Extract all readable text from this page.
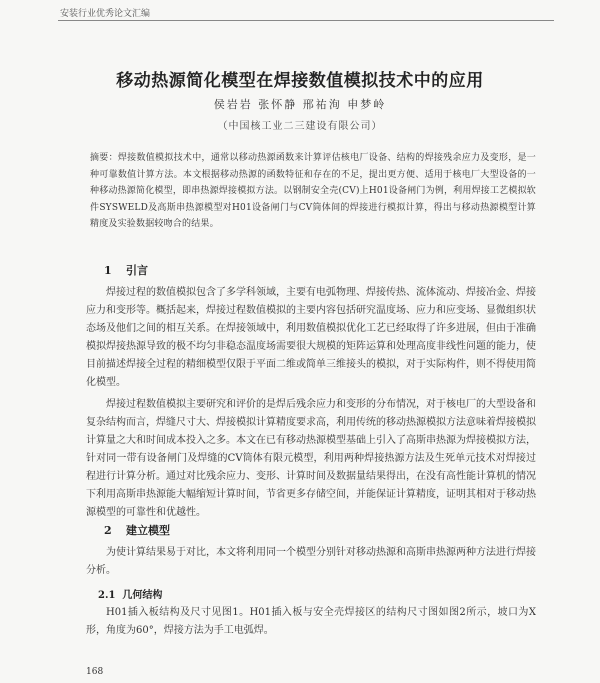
安装行业优秀论文汇编
移动热源简化模型在焊接数值模拟技术中的应用
侯岩岩 张怀静 邢祐洵 申梦岭
（中国核工业二三建设有限公司）
摘要：焊接数值模拟技术中，通常以移动热源函数来计算评估核电厂设备、结构的焊接残余应力及变形，是一种可靠数值计算方法。本文根据移动热源的函数特征和存在的不足，提出更方便、适用于核电厂大型设备的一种移动热源简化模型，即串热源焊接模拟方法。以钢制安全壳(CV)上H01设备闸门为例，利用焊接工艺模拟软件SYSWELD及高斯串热源模型对H01设备闸门与CV筒体间的焊接进行模拟计算，得出与移动热源模型计算精度及实验数据较吻合的结果。
1 引言
焊接过程的数值模拟包含了多学科领域，主要有电弧物理、焊接传热、流体流动、焊接冶金、焊接应力和变形等。概括起来，焊接过程数值模拟的主要内容包括研究温度场、应力和应变场、显微组织状态场及他们之间的相互关系。在焊接领域中，利用数值模拟优化工艺已经取得了许多进展，但由于准确模拟焊接热源导致的极不均匀非稳态温度场需要很大规模的矩阵运算和处理高度非线性问题的能力，使目前描述焊接全过程的精细模型仅限于平面二维或简单三维接头的模拟，对于实际构件，则不得使用简化模型。
焊接过程数值模拟主要研究和评价的是焊后残余应力和变形的分布情况，对于核电厂的大型设备和复杂结构而言，焊缝尺寸大、焊接模拟计算精度要求高，利用传统的移动热源模拟方法意味着焊接模拟计算量之大和时间成本投入之多。本文在已有移动热源模型基础上引入了高斯串热源为焊接模拟方法，针对同一带有设备闸门及焊缝的CV筒体有限元模型，利用两种焊接热源方法及生死单元技术对焊接过程进行计算分析。通过对比残余应力、变形、计算时间及数据量结果得出，在没有高性能计算机的情况下利用高斯串热源能大幅缩短计算时间，节省更多存储空间，并能保证计算精度，证明其相对于移动热源模型的可靠性和优越性。
2 建立模型
为使计算结果易于对比，本文将利用同一个模型分别针对移动热源和高斯串热源两种方法进行焊接分析。
2.1 几何结构
H01插入板结构及尺寸见图1。H01插入板与安全壳焊接区的结构尺寸图如图2所示，坡口为X形，角度为60°，焊接方法为手工电弧焊。
168
